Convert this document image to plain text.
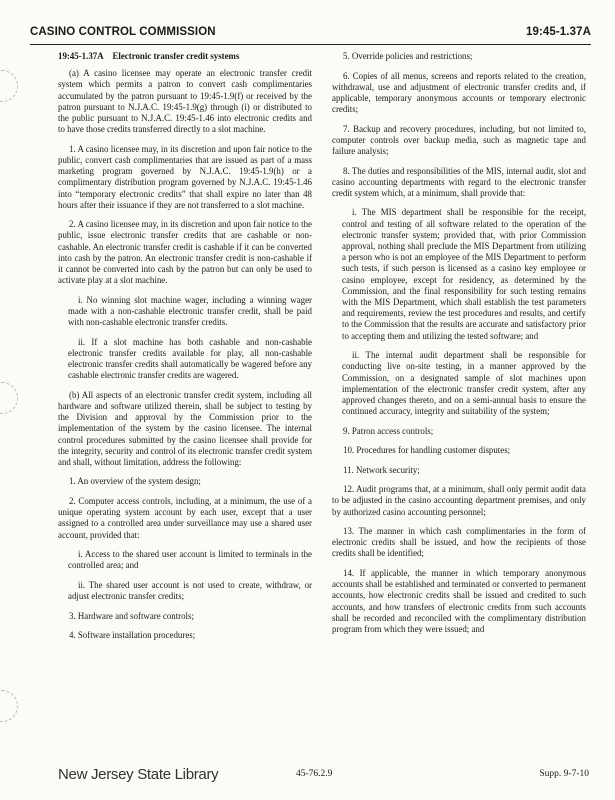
CASINO CONTROL COMMISSION	19:45-1.37A

19:45-1.37A Electronic transfer credit systems

(a) A casino licensee may operate an electronic transfer credit system which permits a patron to convert cash complimentaries accumulated by the patron pursuant to 19:45-1.9(f) or received by the patron pursuant to N.J.A.C. 19:45-1.9(g) through (i) or distributed to the public pursuant to N.J.A.C. 19:45-1.46 into electronic credits and to have those credits transferred directly to a slot machine.

1. A casino licensee may, in its discretion and upon fair notice to the public, convert cash complimentaries that are issued as part of a mass marketing program governed by N.J.A.C. 19:45-1.9(h) or a complimentary distribution program governed by N.J.A.C. 19:45-1.46 into “temporary electronic credits” that shall expire no later than 48 hours after their issuance if they are not transferred to a slot machine.

2. A casino licensee may, in its discretion and upon fair notice to the public, issue electronic transfer credits that are cashable or non-cashable. An electronic transfer credit is cashable if it can be converted into cash by the patron. An electronic transfer credit is non-cashable if it cannot be converted into cash by the patron but can only be used to activate play at a slot machine.

i. No winning slot machine wager, including a winning wager made with a non-cashable electronic transfer credit, shall be paid with non-cashable electronic transfer credits.

ii. If a slot machine has both cashable and non-cashable electronic transfer credits available for play, all non-cashable electronic transfer credits shall automatically be wagered before any cashable electronic transfer credits are wagered.

(b) All aspects of an electronic transfer credit system, including all hardware and software utilized therein, shall be subject to testing by the Division and approval by the Commission prior to the implementation of the system by the casino licensee. The internal control procedures submitted by the casino licensee shall provide for the integrity, security and control of its electronic transfer credit system and shall, without limitation, address the following:

1. An overview of the system design;

2. Computer access controls, including, at a minimum, the use of a unique operating system account by each user, except that a user assigned to a controlled area under surveillance may use a shared user account, provided that:

i. Access to the shared user account is limited to terminals in the controlled area; and

ii. The shared user account is not used to create, withdraw, or adjust electronic transfer credits;

3. Hardware and software controls;

4. Software installation procedures;

5. Override policies and restrictions;

6. Copies of all menus, screens and reports related to the creation, withdrawal, use and adjustment of electronic transfer credits and, if applicable, temporary anonymous accounts or temporary electronic credits;

7. Backup and recovery procedures, including, but not limited to, computer controls over backup media, such as magnetic tape and failure analysis;

8. The duties and responsibilities of the MIS, internal audit, slot and casino accounting departments with regard to the electronic transfer credit system which, at a minimum, shall provide that:

i. The MIS department shall be responsible for the receipt, control and testing of all software related to the operation of the electronic transfer system; provided that, with prior Commission approval, nothing shall preclude the MIS Department from utilizing a person who is not an employee of the MIS Department to perform such tests, if such person is licensed as a casino key employee or casino employee, except for residency, as determined by the Commission, and the final responsibility for such testing remains with the MIS Department, which shall establish the test parameters and requirements, review the test procedures and results, and certify to the Commission that the results are accurate and satisfactory prior to accepting them and utilizing the tested software; and

ii. The internal audit department shall be responsible for conducting live on-site testing, in a manner approved by the Commission, on a designated sample of slot machines upon implementation of the electronic transfer credit system, after any approved changes thereto, and on a semi-annual basis to ensure the continued accuracy, integrity and suitability of the system;

9. Patron access controls;

10. Procedures for handling customer disputes;

11. Network security;

12. Audit programs that, at a minimum, shall only permit audit data to be adjusted in the casino accounting department premises, and only by authorized casino accounting personnel;

13. The manner in which cash complimentaries in the form of electronic credits shall be issued, and how the recipients of those credits shall be identified;

14. If applicable, the manner in which temporary anonymous accounts shall be established and terminated or converted to permanent accounts, how electronic credits shall be issued and credited to such accounts, and how transfers of electronic credits from such accounts shall be recorded and reconciled with the complimentary distribution program from which they were issued; and

New Jersey State Library	45-76.2.9	Supp. 9-7-10
